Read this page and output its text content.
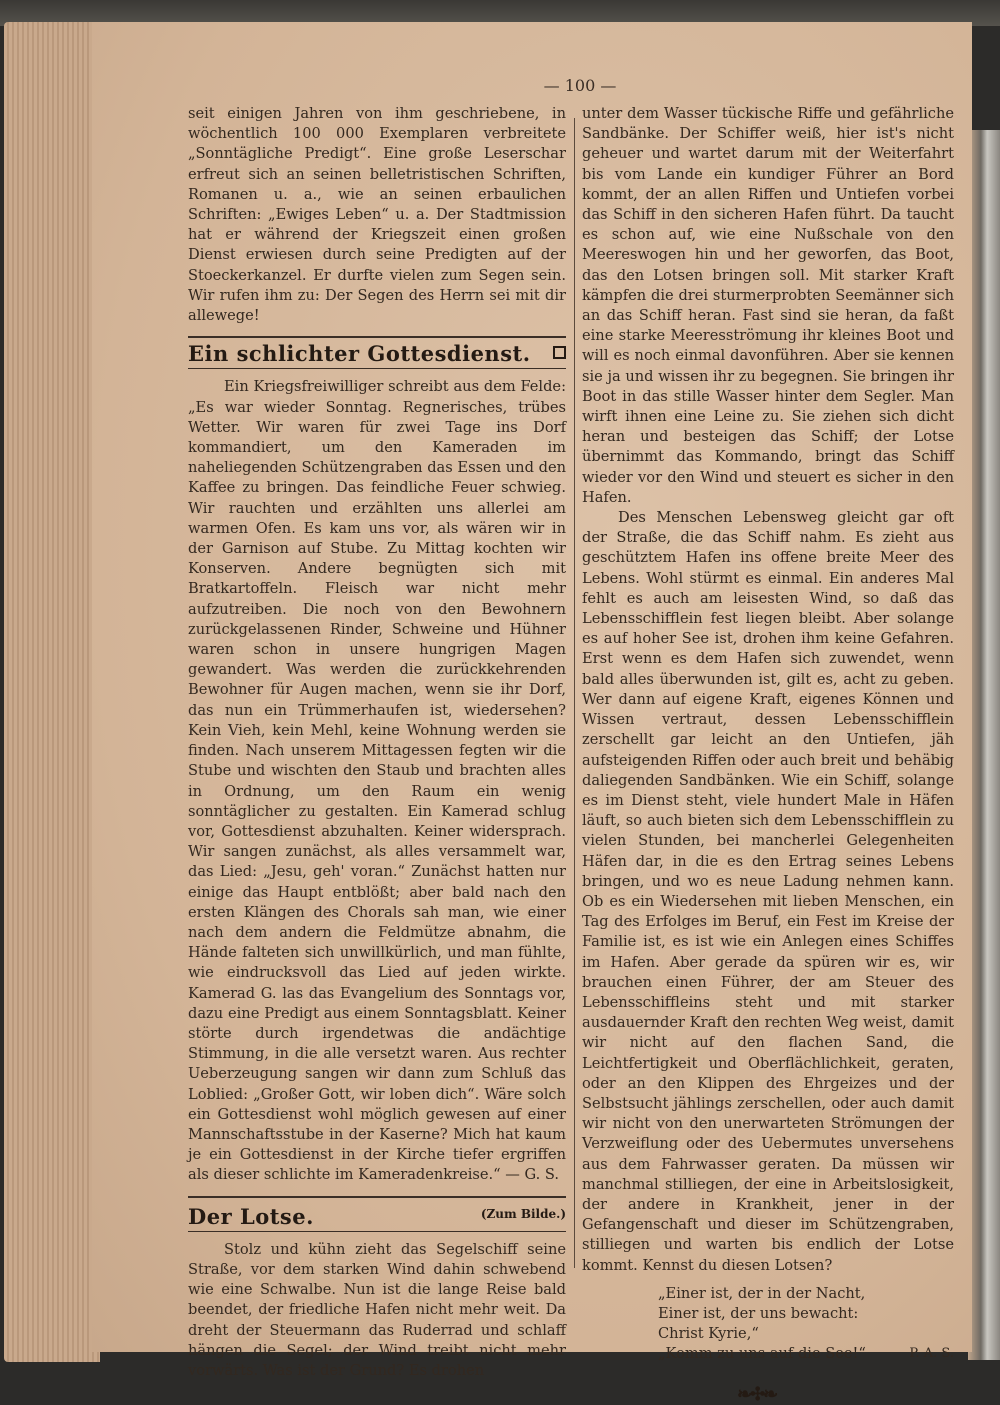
— 100 —

seit einigen Jahren von ihm geschriebene, in wöchentlich 100 000 Exemplaren verbreitete „Sonntägliche Predigt“. Eine große Leserschar erfreut sich an seinen belletristischen Schriften, Romanen u. a., wie an seinen erbaulichen Schriften: „Ewiges Leben“ u. a. Der Stadtmission hat er während der Kriegszeit einen großen Dienst erwiesen durch seine Predigten auf der Stoeckerkanzel. Er durfte vielen zum Segen sein. Wir rufen ihm zu: Der Segen des Herrn sei mit dir allewege!

Ein schlichter Gottesdienst.

Ein Kriegsfreiwilliger schreibt aus dem Felde: „Es war wieder Sonntag. Regnerisches, trübes Wetter. Wir waren für zwei Tage ins Dorf kommandiert, um den Kameraden im naheliegenden Schützengraben das Essen und den Kaffee zu bringen. Das feindliche Feuer schwieg. Wir rauchten und erzählten uns allerlei am warmen Ofen. Es kam uns vor, als wären wir in der Garnison auf Stube. Zu Mittag kochten wir Konserven. Andere begnügten sich mit Bratkartoffeln. Fleisch war nicht mehr aufzutreiben. Die noch von den Bewohnern zurückgelassenen Rinder, Schweine und Hühner waren schon in unsere hungrigen Magen gewandert. Was werden die zurückkehrenden Bewohner für Augen machen, wenn sie ihr Dorf, das nun ein Trümmerhaufen ist, wiedersehen? Kein Vieh, kein Mehl, keine Wohnung werden sie finden. Nach unserem Mittagessen fegten wir die Stube und wischten den Staub und brachten alles in Ordnung, um den Raum ein wenig sonntäglicher zu gestalten. Ein Kamerad schlug vor, Gottesdienst abzuhalten. Keiner widersprach. Wir sangen zunächst, als alles versammelt war, das Lied: „Jesu, geh' voran.“ Zunächst hatten nur einige das Haupt entblößt; aber bald nach den ersten Klängen des Chorals sah man, wie einer nach dem andern die Feldmütze abnahm, die Hände falteten sich unwillkürlich, und man fühlte, wie eindrucksvoll das Lied auf jeden wirkte. Kamerad G. las das Evangelium des Sonntags vor, dazu eine Predigt aus einem Sonntagsblatt. Keiner störte durch irgendetwas die andächtige Stimmung, in die alle versetzt waren. Aus rechter Ueberzeugung sangen wir dann zum Schluß das Loblied: „Großer Gott, wir loben dich“. Wäre solch ein Gottesdienst wohl möglich gewesen auf einer Mannschaftsstube in der Kaserne? Mich hat kaum je ein Gottesdienst in der Kirche tiefer ergriffen als dieser schlichte im Kameradenkreise.“ — G. S.

Der Lotse.	(Zum Bilde.)

Stolz und kühn zieht das Segelschiff seine Straße, vor dem starken Wind dahin schwebend wie eine Schwalbe. Nun ist die lange Reise bald beendet, der friedliche Hafen nicht mehr weit. Da dreht der Steuermann das Ruderrad und schlaff hängen die Segel; der Wind treibt nicht mehr vorwärts. Was ist der Grund? Es drohen

unter dem Wasser tückische Riffe und gefährliche Sandbänke. Der Schiffer weiß, hier ist's nicht geheuer und wartet darum mit der Weiterfahrt bis vom Lande ein kundiger Führer an Bord kommt, der an allen Riffen und Untiefen vorbei das Schiff in den sicheren Hafen führt. Da taucht es schon auf, wie eine Nußschale von den Meereswogen hin und her geworfen, das Boot, das den Lotsen bringen soll. Mit starker Kraft kämpfen die drei sturmerprobten Seemänner sich an das Schiff heran. Fast sind sie heran, da faßt eine starke Meeresströmung ihr kleines Boot und will es noch einmal davonführen. Aber sie kennen sie ja und wissen ihr zu begegnen. Sie bringen ihr Boot in das stille Wasser hinter dem Segler. Man wirft ihnen eine Leine zu. Sie ziehen sich dicht heran und besteigen das Schiff; der Lotse übernimmt das Kommando, bringt das Schiff wieder vor den Wind und steuert es sicher in den Hafen.

Des Menschen Lebensweg gleicht gar oft der Straße, die das Schiff nahm. Es zieht aus geschütztem Hafen ins offene breite Meer des Lebens. Wohl stürmt es einmal. Ein anderes Mal fehlt es auch am leisesten Wind, so daß das Lebensschifflein fest liegen bleibt. Aber solange es auf hoher See ist, drohen ihm keine Gefahren. Erst wenn es dem Hafen sich zuwendet, wenn bald alles überwunden ist, gilt es, acht zu geben. Wer dann auf eigene Kraft, eigenes Können und Wissen vertraut, dessen Lebensschifflein zerschellt gar leicht an den Untiefen, jäh aufsteigenden Riffen oder auch breit und behäbig daliegenden Sandbänken. Wie ein Schiff, solange es im Dienst steht, viele hundert Male in Häfen läuft, so auch bieten sich dem Lebensschifflein zu vielen Stunden, bei mancherlei Gelegenheiten Häfen dar, in die es den Ertrag seines Lebens bringen, und wo es neue Ladung nehmen kann. Ob es ein Wiedersehen mit lieben Menschen, ein Tag des Erfolges im Beruf, ein Fest im Kreise der Familie ist, es ist wie ein Anlegen eines Schiffes im Hafen. Aber gerade da spüren wir es, wir brauchen einen Führer, der am Steuer des Lebensschiffleins steht und mit starker ausdauernder Kraft den rechten Weg weist, damit wir nicht auf den flachen Sand, die Leichtfertigkeit und Oberflächlichkeit, geraten, oder an den Klippen des Ehrgeizes und der Selbstsucht jählings zerschellen, oder auch damit wir nicht von den unerwarteten Strömungen der Verzweiflung oder des Uebermutes unversehens aus dem Fahrwasser geraten. Da müssen wir manchmal stilliegen, der eine in Arbeitslosigkeit, der andere in Krankheit, jener in der Gefangenschaft und dieser im Schützengraben, stilliegen und warten bis endlich der Lotse kommt. Kennst du diesen Lotsen?

„Einer ist, der in der Nacht,
Einer ist, der uns bewacht:
Christ Kyrie,“
„Komm zu uns auf die See!“	P. A. S.
❧✣❧
